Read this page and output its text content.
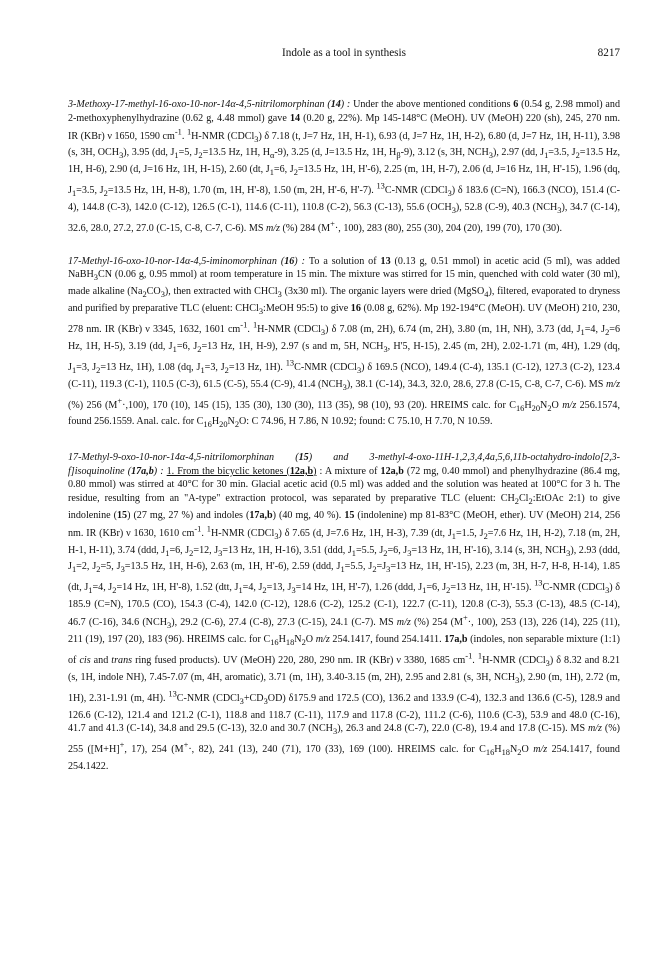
Indole as a tool in synthesis	8217

3-Methoxy-17-methyl-16-oxo-10-nor-14α-4,5-nitrilomorphinan (14) : Under the above mentioned conditions 6 (0.54 g, 2.98 mmol) and 2-methoxyphenylhydrazine (0.62 g, 4.48 mmol) gave 14 (0.20 g, 22%). Mp 145-148°C (MeOH). UV (MeOH) 220 (sh), 245, 270 nm. IR (KBr) ν 1650, 1590 $cm^{-1}$. $^1$H-NMR (CDCl$_3$) δ 7.18 (t, J=7 Hz, 1H, H-1), 6.93 (d, J=7 Hz, 1H, H-2), 6.80 (d, J=7 Hz, 1H, H-11), 3.98 (s, 3H, $OCH_3$), 3.95 (dd, $J_1=5$, $J_2=13.5$ Hz, 1H, $H_\alpha-9$), 3.25 (d, J=13.5 Hz, 1H, $H_\beta-9$), 3.12 (s, 3H, $NCH_3$), 2.97 (dd, $J_1=3.5$, $J_2=13.5$ Hz, 1H, H-6), 2.90 (d, J=16 Hz, 1H, H-15), 2.60 (dt, $J_1=6$, $J_2=13.5$ Hz, 1H, H'-6), 2.25 (m, 1H, H-7), 2.06 (d, J=16 Hz, 1H, H'-15), 1.96 (dq, $J_1=3.5$, $J_2=13.5$ Hz, 1H, H-8), 1.70 (m, 1H, H'-8), 1.50 (m, 2H, H'-6, H'-7). $^{13}$C-NMR (CDCl$_3$) δ 183.6 (C=N), 166.3 (NCO), 151.4 (C-4), 144.8 (C-3), 142.0 (C-12), 126.5 (C-1), 114.6 (C-11), 110.8 (C-2), 56.3 (C-13), 55.6 $(OCH_3)$, 52.8 (C-9), 40.3 $(NCH_3)$, 34.7 (C-14), 32.6, 28.0, 27.2, 27.0 (C-15, C-8, C-7, C-6). MS m/z (%) 284 (M+·, 100), 283 (80), 255 (30), 204 (20), 199 (70), 170 (30).

17-Methyl-16-oxo-10-nor-14α-4,5-iminomorphinan (16) : To a solution of 13 (0.13 g, 0.51 mmol) in acetic acid (5 ml), was added NaBH$_3$CN (0.06 g, 0.95 mmol) at room temperature in 15 min. The mixture was stirred for 15 min, quenched with cold water (30 ml), made alkaline $(Na_2CO_3)$, then extracted with CHCl$_3$ (3x30 ml). The organic layers were dried (MgSO$_4$), filtered, evaporated to dryness and purified by preparative TLC (eluent: CHCl$_3$:MeOH 95:5) to give 16 (0.08 g, 62%). Mp 192-194°C (MeOH). UV (MeOH) 210, 230, 278 nm. IR (KBr) ν 3345, 1632, 1601 $cm^{-1}$. $^1$H-NMR (CDCl$_3$) δ 7.08 (m, 2H), 6.74 (m, 2H), 3.80 (m, 1H, NH), 3.73 (dd, $J_1=4$, $J_2=6$ Hz, 1H, H-5), 3.19 (dd, $J_1=6$, $J_2=13$ Hz, 1H, H-9), 2.97 (s and m, 5H, $NCH_3$, H'5, H-15), 2.45 (m, 2H), 2.02-1.71 (m, 4H), 1.29 (dq, $J_1=3$, $J_2=13$ Hz, 1H), 1.08 (dq, $J_1=3$, $J_2=13$ Hz, 1H). $^{13}$C-NMR (CDCl$_3$) δ 169.5 (NCO), 149.4 (C-4), 135.1 (C-12), 127.3 (C-2), 123.4 (C-11), 119.3 (C-1), 110.5 (C-3), 61.5 (C-5), 55.4 (C-9), 41.4 $(NCH_3)$, 38.1 (C-14), 34.3, 32.0, 28.6, 27.8 (C-15, C-8, C-7, C-6). MS m/z (%) 256 (M+·,100), 170 (10), 145 (15), 135 (30), 130 (30), 113 (35), 98 (10), 93 (20). HREIMS calc. for $C_{16}H_{20}N_2O$ m/z 256.1574, found 256.1559. Anal. calc. for $C_{16}H_{20}N_2O$: C 74.96, H 7.86, N 10.92; found: C 75.10, H 7.70, N 10.59.

17-Methyl-9-oxo-10-nor-14α-4,5-nitrilomorphinan (15) and 3-methyl-4-oxo-11H-1,2,3,4,4a,5,6,11b-octahydro-indolo[2,3-f]isoquinoline (17a,b) : 1. From the bicyclic ketones (12a,b) : A mixture of 12a,b (72 mg, 0.40 mmol) and phenylhydrazine (86.4 mg, 0.80 mmol) was stirred at 40°C for 30 min. Glacial acetic acid (0.5 ml) was added and the solution was heated at 100°C for 3 h. The residue, resulting from an "A-type" extraction protocol, was separated by preparative TLC (eluent: $CH_2Cl_2:EtOAc$ 2:1) to give indolenine (15) (27 mg, 27 %) and indoles (17a,b) (40 mg, 40 %). 15 (indolenine) mp 81-83°C (MeOH, ether). UV (MeOH) 214, 256 nm. IR (KBr) ν 1630, 1610 $cm^{-1}$. $^1$H-NMR (CDCl$_3$) δ 7.65 (d, J=7.6 Hz, 1H, H-3), 7.39 (dt, $J_1=1.5$, $J_2=7.6$ Hz, 1H, H-2), 7.18 (m, 2H, H-1, H-11), 3.74 (ddd, $J_1=6$, $J_2=12$, $J_3=13$ Hz, 1H, H-16), 3.51 (ddd, $J_1=5.5$, $J_2=6$, $J_3=13$ Hz, 1H, H'-16), 3.14 (s, 3H, $NCH_3$), 2.93 (ddd, $J_1=2$, $J_2=5$, $J_3=13.5$ Hz, 1H, H-6), 2.63 (m, 1H, H'-6), 2.59 (ddd, $J_1=5.5$, $J_2=J_3=13$ Hz, 1H, H'-15), 2.23 (m, 3H, H-7, H-8, H-14), 1.85 (dt, $J_1=4$, $J_2=14$ Hz, 1H, H'-8), 1.52 (dtt, $J_1=4$, $J_2=13$, $J_3=14$ Hz, 1H, H'-7), 1.26 (ddd, $J_1=6$, $J_2=13$ Hz, 1H, H'-15). $^{13}$C-NMR (CDCl$_3$) δ 185.9 (C=N), 170.5 (CO), 154.3 (C-4), 142.0 (C-12), 128.6 (C-2), 125.2 (C-1), 122.7 (C-11), 120.8 (C-3), 55.3 (C-13), 48.5 (C-14), 46.7 (C-16), 34.6 $(NCH_3)$, 29.2 (C-6), 27.4 (C-8), 27.3 (C-15), 24.1 (C-7). MS m/z (%) 254 (M+·, 100), 253 (13), 226 (14), 225 (11), 211 (19), 197 (20), 183 (96). HREIMS calc. for $C_{16}H_{18}N_2O$ m/z 254.1417, found 254.1411. 17a,b (indoles, non separable mixture (1:1) of cis and trans ring fused products). UV (MeOH) 220, 280, 290 nm. IR (KBr) ν 3380, 1685 $cm^{-1}$. $^1$H-NMR (CDCl$_3$) δ 8.32 and 8.21 (s, 1H, indole NH), 7.45-7.07 (m, 4H, aromatic), 3.71 (m, 1H), 3.40-3.15 (m, 2H), 2.95 and 2.81 (s, 3H, $NCH_3$), 2.90 (m, 1H), 2.72 (m, 1H), 2.31-1.91 (m, 4H). $^{13}$C-NMR $(CDCl_3+CD_3OD)$ δ175.9 and 172.5 (CO), 136.2 and 133.9 (C-4), 132.3 and 136.6 (C-5), 128.9 and 126.6 (C-12), 121.4 and 121.2 (C-1), 118.8 and 118.7 (C-11), 117.9 and 117.8 (C-2), 111.2 (C-6), 110.6 (C-3), 53.9 and 48.0 (C-16), 41.7 and 41.3 (C-14), 34.8 and 29.5 (C-13), 32.0 and 30.7 $(NCH_3)$, 26.3 and 24.8 (C-7), 22.0 (C-8), 19.4 and 17.8 (C-15). MS m/z (%) 255 ([M+H]+, 17), 254 (M+·, 82), 241 (13), 240 (71), 170 (33), 169 (100). HREIMS calc. for $C_{16}H_{18}N_2O$ m/z 254.1417, found 254.1422.
